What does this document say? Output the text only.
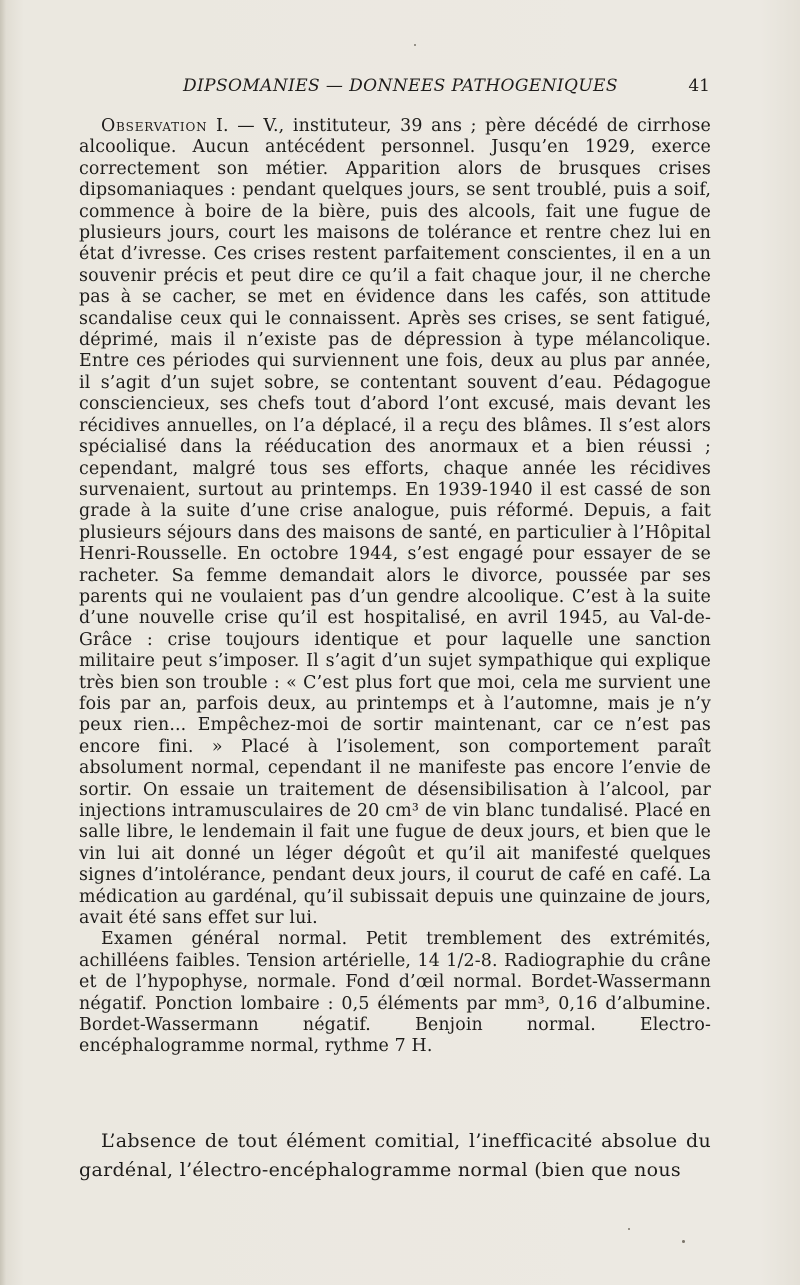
DIPSOMANIES — DONNEES PATHOGENIQUES	41

Observation I. — V., instituteur, 39 ans ; père décédé de cirrhose alcoolique. Aucun antécédent personnel. Jusqu’en 1929, exerce correctement son métier. Apparition alors de brusques crises dipsomaniaques : pendant quelques jours, se sent troublé, puis a soif, commence à boire de la bière, puis des alcools, fait une fugue de plusieurs jours, court les maisons de tolérance et rentre chez lui en état d’ivresse. Ces crises restent parfaitement conscientes, il en a un souvenir précis et peut dire ce qu’il a fait chaque jour, il ne cherche pas à se cacher, se met en évidence dans les cafés, son attitude scandalise ceux qui le connaissent. Après ses crises, se sent fatigué, déprimé, mais il n’existe pas de dépression à type mélancolique. Entre ces périodes qui surviennent une fois, deux au plus par année, il s’agit d’un sujet sobre, se contentant souvent d’eau. Pédagogue consciencieux, ses chefs tout d’abord l’ont excusé, mais devant les récidives annuelles, on l’a déplacé, il a reçu des blâmes. Il s’est alors spécialisé dans la rééducation des anormaux et a bien réussi ; cependant, malgré tous ses efforts, chaque année les récidives survenaient, surtout au printemps. En 1939-1940 il est cassé de son grade à la suite d’une crise analogue, puis réformé. Depuis, a fait plusieurs séjours dans des maisons de santé, en particulier à l’Hôpital Henri-Rousselle. En octobre 1944, s’est engagé pour essayer de se racheter. Sa femme demandait alors le divorce, poussée par ses parents qui ne voulaient pas d’un gendre alcoolique. C’est à la suite d’une nouvelle crise qu’il est hospitalisé, en avril 1945, au Val-de-Grâce : crise toujours identique et pour laquelle une sanction militaire peut s’imposer. Il s’agit d’un sujet sympathique qui explique très bien son trouble : « C’est plus fort que moi, cela me survient une fois par an, parfois deux, au printemps et à l’automne, mais je n’y peux rien... Empêchez-moi de sortir maintenant, car ce n’est pas encore fini. » Placé à l’isolement, son comportement paraît absolument normal, cependant il ne manifeste pas encore l’envie de sortir. On essaie un traitement de désensibilisation à l’alcool, par injections intramusculaires de 20 cm³ de vin blanc tundalisé. Placé en salle libre, le lendemain il fait une fugue de deux jours, et bien que le vin lui ait donné un léger dégoût et qu’il ait manifesté quelques signes d’intolérance, pendant deux jours, il courut de café en café. La médication au gardénal, qu’il subissait depuis une quinzaine de jours, avait été sans effet sur lui.

Examen général normal. Petit tremblement des extrémités, achilléens faibles. Tension artérielle, 14 1/2-8. Radiographie du crâne et de l’hypophyse, normale. Fond d’œil normal. Bordet-Wassermann négatif. Ponction lombaire : 0,5 éléments par mm³, 0,16 d’albumine. Bordet-Wassermann négatif. Benjoin normal. Electro-encéphalogramme normal, rythme 7 H.

L’absence de tout élément comitial, l’inefficacité absolue du gardénal, l’électro-encéphalogramme normal (bien que nous
